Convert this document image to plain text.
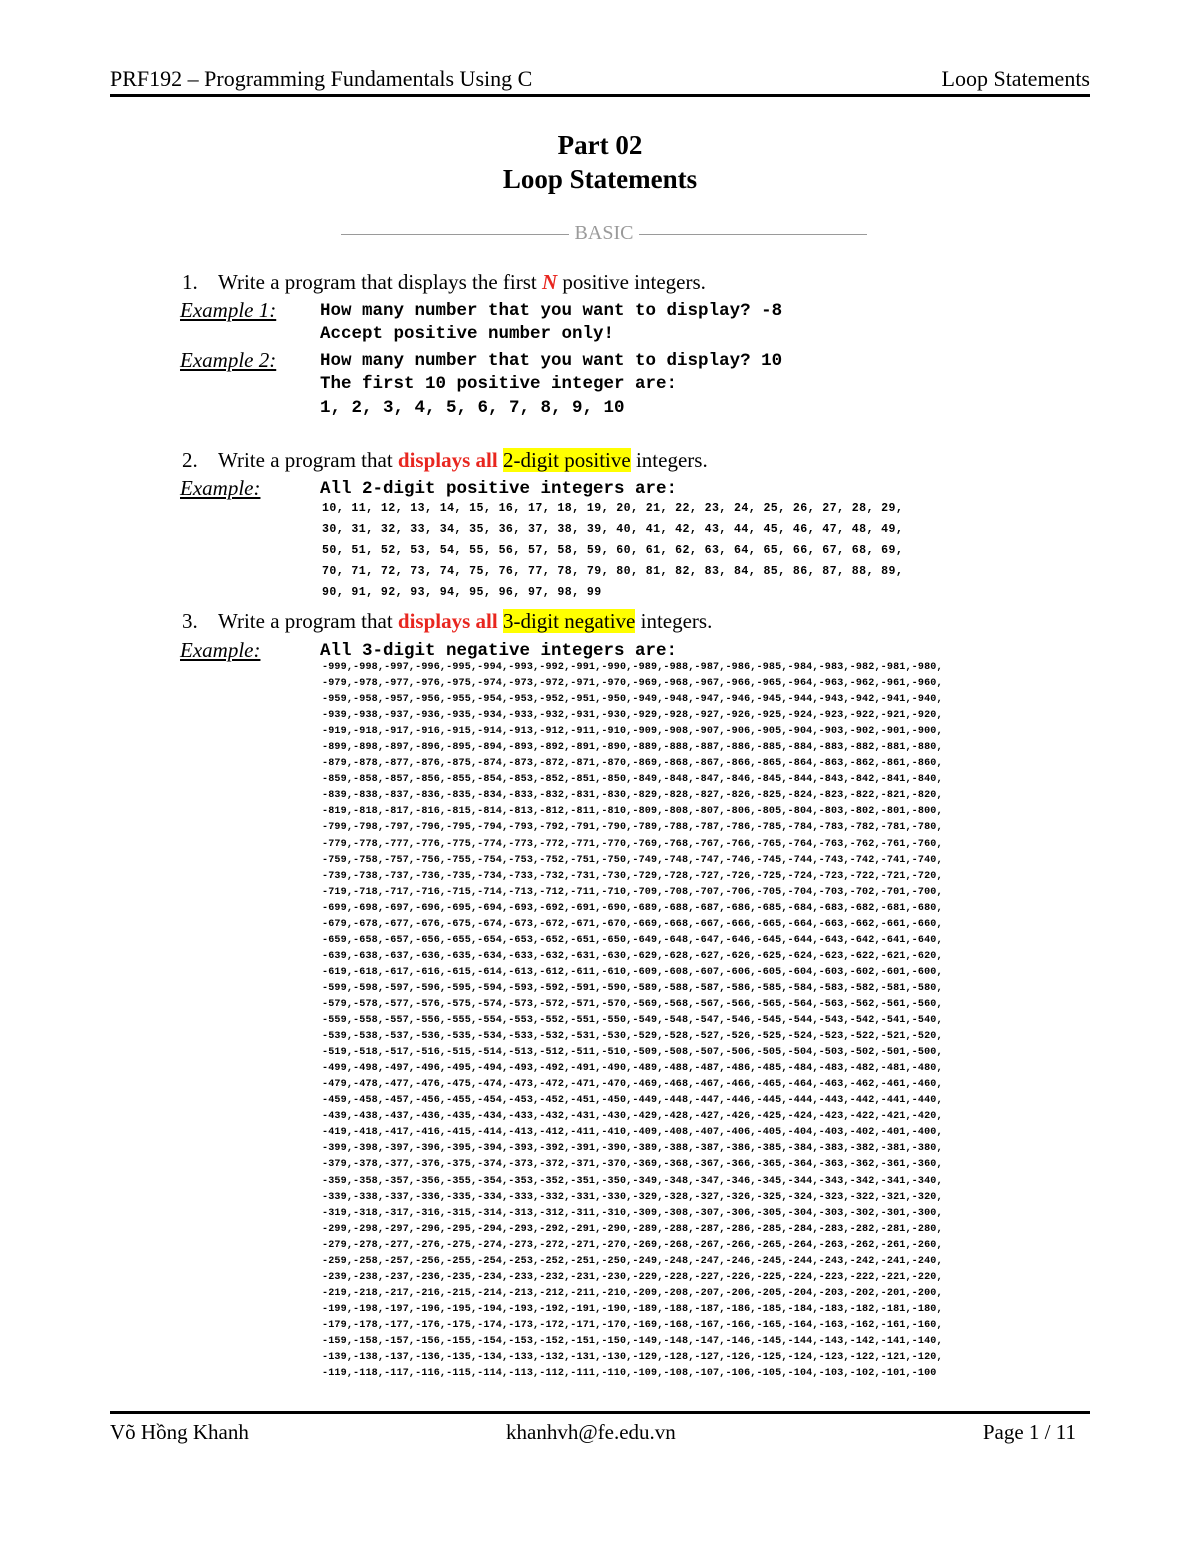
PRF192 – Programming Fundamentals Using C	Loop Statements
Part 02
Loop Statements
BASIC
1. Write a program that displays the first N positive integers.
Example 1:	How many number that you want to display? -8
Accept positive number only!
Example 2:	How many number that you want to display? 10
The first 10 positive integer are:
1, 2, 3, 4, 5, 6, 7, 8, 9, 10
2. Write a program that displays all 2-digit positive integers.
Example:	All 2-digit positive integers are:
10, 11, 12, 13, 14, 15, 16, 17, 18, 19, 20, 21, 22, 23, 24, 25, 26, 27, 28, 29,
30, 31, 32, 33, 34, 35, 36, 37, 38, 39, 40, 41, 42, 43, 44, 45, 46, 47, 48, 49,
50, 51, 52, 53, 54, 55, 56, 57, 58, 59, 60, 61, 62, 63, 64, 65, 66, 67, 68, 69,
70, 71, 72, 73, 74, 75, 76, 77, 78, 79, 80, 81, 82, 83, 84, 85, 86, 87, 88, 89,
90, 91, 92, 93, 94, 95, 96, 97, 98, 99
3. Write a program that displays all 3-digit negative integers.
Example:	All 3-digit negative integers are:
-999,-998,-997,-996,-995,-994,-993,-992,-991,-990,-989,-988,-987,-986,-985,-984,-983,-982,-981,-980,
-979,-978,-977,-976,-975,-974,-973,-972,-971,-970,-969,-968,-967,-966,-965,-964,-963,-962,-961,-960,
-959,-958,-957,-956,-955,-954,-953,-952,-951,-950,-949,-948,-947,-946,-945,-944,-943,-942,-941,-940,
-939,-938,-937,-936,-935,-934,-933,-932,-931,-930,-929,-928,-927,-926,-925,-924,-923,-922,-921,-920,
-919,-918,-917,-916,-915,-914,-913,-912,-911,-910,-909,-908,-907,-906,-905,-904,-903,-902,-901,-900,
-899,-898,-897,-896,-895,-894,-893,-892,-891,-890,-889,-888,-887,-886,-885,-884,-883,-882,-881,-880,
-879,-878,-877,-876,-875,-874,-873,-872,-871,-870,-869,-868,-867,-866,-865,-864,-863,-862,-861,-860,
-859,-858,-857,-856,-855,-854,-853,-852,-851,-850,-849,-848,-847,-846,-845,-844,-843,-842,-841,-840,
-839,-838,-837,-836,-835,-834,-833,-832,-831,-830,-829,-828,-827,-826,-825,-824,-823,-822,-821,-820,
-819,-818,-817,-816,-815,-814,-813,-812,-811,-810,-809,-808,-807,-806,-805,-804,-803,-802,-801,-800,
-799,-798,-797,-796,-795,-794,-793,-792,-791,-790,-789,-788,-787,-786,-785,-784,-783,-782,-781,-780,
-779,-778,-777,-776,-775,-774,-773,-772,-771,-770,-769,-768,-767,-766,-765,-764,-763,-762,-761,-760,
-759,-758,-757,-756,-755,-754,-753,-752,-751,-750,-749,-748,-747,-746,-745,-744,-743,-742,-741,-740,
-739,-738,-737,-736,-735,-734,-733,-732,-731,-730,-729,-728,-727,-726,-725,-724,-723,-722,-721,-720,
-719,-718,-717,-716,-715,-714,-713,-712,-711,-710,-709,-708,-707,-706,-705,-704,-703,-702,-701,-700,
-699,-698,-697,-696,-695,-694,-693,-692,-691,-690,-689,-688,-687,-686,-685,-684,-683,-682,-681,-680,
-679,-678,-677,-676,-675,-674,-673,-672,-671,-670,-669,-668,-667,-666,-665,-664,-663,-662,-661,-660,
-659,-658,-657,-656,-655,-654,-653,-652,-651,-650,-649,-648,-647,-646,-645,-644,-643,-642,-641,-640,
-639,-638,-637,-636,-635,-634,-633,-632,-631,-630,-629,-628,-627,-626,-625,-624,-623,-622,-621,-620,
-619,-618,-617,-616,-615,-614,-613,-612,-611,-610,-609,-608,-607,-606,-605,-604,-603,-602,-601,-600,
-599,-598,-597,-596,-595,-594,-593,-592,-591,-590,-589,-588,-587,-586,-585,-584,-583,-582,-581,-580,
-579,-578,-577,-576,-575,-574,-573,-572,-571,-570,-569,-568,-567,-566,-565,-564,-563,-562,-561,-560,
-559,-558,-557,-556,-555,-554,-553,-552,-551,-550,-549,-548,-547,-546,-545,-544,-543,-542,-541,-540,
-539,-538,-537,-536,-535,-534,-533,-532,-531,-530,-529,-528,-527,-526,-525,-524,-523,-522,-521,-520,
-519,-518,-517,-516,-515,-514,-513,-512,-511,-510,-509,-508,-507,-506,-505,-504,-503,-502,-501,-500,
-499,-498,-497,-496,-495,-494,-493,-492,-491,-490,-489,-488,-487,-486,-485,-484,-483,-482,-481,-480,
-479,-478,-477,-476,-475,-474,-473,-472,-471,-470,-469,-468,-467,-466,-465,-464,-463,-462,-461,-460,
-459,-458,-457,-456,-455,-454,-453,-452,-451,-450,-449,-448,-447,-446,-445,-444,-443,-442,-441,-440,
-439,-438,-437,-436,-435,-434,-433,-432,-431,-430,-429,-428,-427,-426,-425,-424,-423,-422,-421,-420,
-419,-418,-417,-416,-415,-414,-413,-412,-411,-410,-409,-408,-407,-406,-405,-404,-403,-402,-401,-400,
-399,-398,-397,-396,-395,-394,-393,-392,-391,-390,-389,-388,-387,-386,-385,-384,-383,-382,-381,-380,
-379,-378,-377,-376,-375,-374,-373,-372,-371,-370,-369,-368,-367,-366,-365,-364,-363,-362,-361,-360,
-359,-358,-357,-356,-355,-354,-353,-352,-351,-350,-349,-348,-347,-346,-345,-344,-343,-342,-341,-340,
-339,-338,-337,-336,-335,-334,-333,-332,-331,-330,-329,-328,-327,-326,-325,-324,-323,-322,-321,-320,
-319,-318,-317,-316,-315,-314,-313,-312,-311,-310,-309,-308,-307,-306,-305,-304,-303,-302,-301,-300,
-299,-298,-297,-296,-295,-294,-293,-292,-291,-290,-289,-288,-287,-286,-285,-284,-283,-282,-281,-280,
-279,-278,-277,-276,-275,-274,-273,-272,-271,-270,-269,-268,-267,-266,-265,-264,-263,-262,-261,-260,
-259,-258,-257,-256,-255,-254,-253,-252,-251,-250,-249,-248,-247,-246,-245,-244,-243,-242,-241,-240,
-239,-238,-237,-236,-235,-234,-233,-232,-231,-230,-229,-228,-227,-226,-225,-224,-223,-222,-221,-220,
-219,-218,-217,-216,-215,-214,-213,-212,-211,-210,-209,-208,-207,-206,-205,-204,-203,-202,-201,-200,
-199,-198,-197,-196,-195,-194,-193,-192,-191,-190,-189,-188,-187,-186,-185,-184,-183,-182,-181,-180,
-179,-178,-177,-176,-175,-174,-173,-172,-171,-170,-169,-168,-167,-166,-165,-164,-163,-162,-161,-160,
-159,-158,-157,-156,-155,-154,-153,-152,-151,-150,-149,-148,-147,-146,-145,-144,-143,-142,-141,-140,
-139,-138,-137,-136,-135,-134,-133,-132,-131,-130,-129,-128,-127,-126,-125,-124,-123,-122,-121,-120,
-119,-118,-117,-116,-115,-114,-113,-112,-111,-110,-109,-108,-107,-106,-105,-104,-103,-102,-101,-100
Võ Hồng Khanh	khanhvh@fe.edu.vn	Page 1 / 11
